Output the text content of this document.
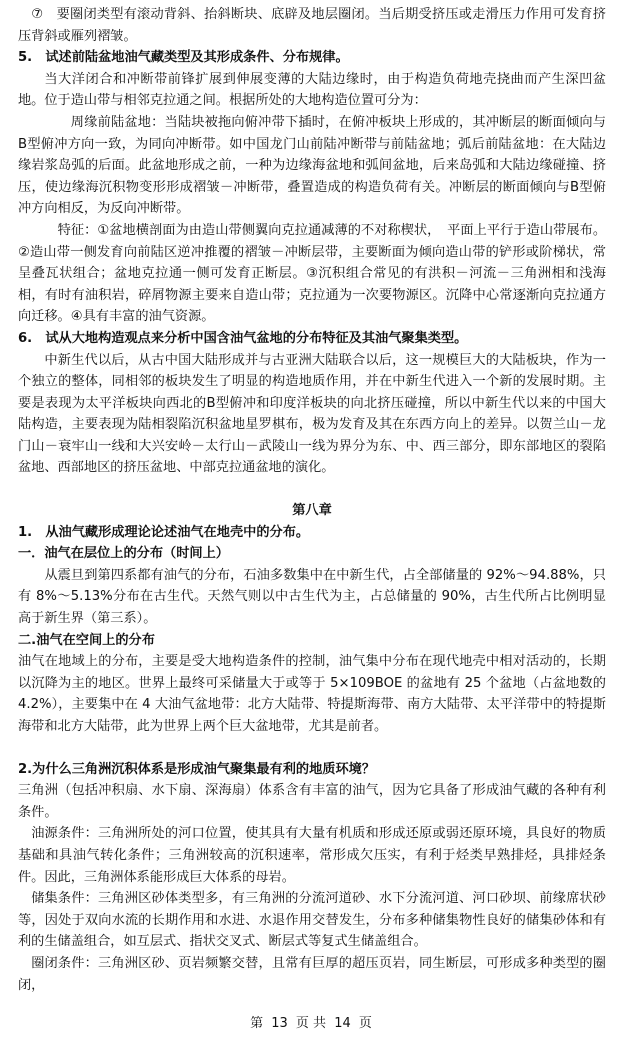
⑦　要圈闭类型有滚动背斜、抬斜断块、底辟及地层圈闭。当后期受挤压或走滑压力作用可发育挤压背斜或雁列褶皱。

5.　试述前陆盆地油气藏类型及其形成条件、分布规律。

当大洋闭合和冲断带前锋扩展到伸展变薄的大陆边缘时，由于构造负荷地壳挠曲而产生深凹盆地。位于造山带与相邻克拉通之间。根据所处的大地构造位置可分为：

周缘前陆盆地：当陆块被拖向俯冲带下插时，在俯冲板块上形成的，其冲断层的断面倾向与B型俯冲方向一致，为同向冲断带。如中国龙门山前陆冲断带与前陆盆地；弧后前陆盆地：在大陆边缘岩浆岛弧的后面。此盆地形成之前，一种为边缘海盆地和弧间盆地，后来岛弧和大陆边缘碰撞、挤压，使边缘海沉积物变形形成褶皱－冲断带，叠置造成的构造负荷有关。冲断层的断面倾向与B型俯冲方向相反，为反向冲断带。

特征：①盆地横剖面为由造山带侧翼向克拉通减薄的不对称楔状，　平面上平行于造山带展布。②造山带一侧发育向前陆区逆冲推覆的褶皱－冲断层带，主要断面为倾向造山带的铲形或阶梯状，常呈叠瓦状组合；盆地克拉通一侧可发育正断层。③沉积组合常见的有洪积－河流－三角洲相和浅海相，有时有油积岩，碎屑物源主要来自造山带；克拉通为一次要物源区。沉降中心常逐渐向克拉通方向迁移。④具有丰富的油气资源。

6.　试从大地构造观点来分析中国含油气盆地的分布特征及其油气聚集类型。

中新生代以后，从古中国大陆形成并与古亚洲大陆联合以后，这一规模巨大的大陆板块，作为一个独立的整体，同相邻的板块发生了明显的构造地质作用，并在中新生代进入一个新的发展时期。主要是表现为太平洋板块向西北的B型俯冲和印度洋板块的向北挤压碰撞，所以中新生代以来的中国大陆构造，主要表现为陆相裂陷沉积盆地星罗棋布，极为发育及其在东西方向上的差异。以贺兰山－龙门山－衰牢山一线和大兴安岭－太行山－武陵山一线为界分为东、中、西三部分，即东部地区的裂陷盆地、西部地区的挤压盆地、中部克拉通盆地的演化。

第八章

1.　从油气藏形成理论论述油气在地壳中的分布。

一．油气在层位上的分布（时间上）

从震旦到第四系都有油气的分布，石油多数集中在中新生代，占全部储量的 92%～94.88%，只有 8%～5.13%分布在古生代。天然气则以中古生代为主，占总储量的 90%，古生代所占比例明显高于新生界（第三系）。

二.油气在空间上的分布

油气在地域上的分布，主要是受大地构造条件的控制，油气集中分布在现代地壳中相对活动的，长期以沉降为主的地区。世界上最终可采储量大于或等于 5×109BOE 的盆地有 25 个盆地（占盆地数的 4.2%），主要集中在 4 大油气盆地带：北方大陆带、特提斯海带、南方大陆带、太平洋带中的特提斯海带和北方大陆带，此为世界上两个巨大盆地带，尤其是前者。

2.为什么三角洲沉积体系是形成油气聚集最有利的地质环境？

三角洲（包括冲积扇、水下扇、深海扇）体系含有丰富的油气，因为它具备了形成油气藏的各种有利条件。

油源条件：三角洲所处的河口位置，使其具有大量有机质和形成还原或弱还原环境，具良好的物质基础和具油气转化条件；三角洲较高的沉积速率，常形成欠压实，有利于烃类早熟排烃，具排烃条件。因此，三角洲体系能形成巨大体系的母岩。

储集条件：三角洲区砂体类型多，有三角洲的分流河道砂、水下分流河道、河口砂坝、前缘席状砂等，因处于双向水流的长期作用和水进、水退作用交替发生，分布多种储集物性良好的储集砂体和有利的生储盖组合，如互层式、指状交叉式、断层式等复式生储盖组合。

圈闭条件：三角洲区砂、页岩频繁交替，且常有巨厚的超压页岩，同生断层，可形成多种类型的圈闭，

第 13 页 共 14 页
